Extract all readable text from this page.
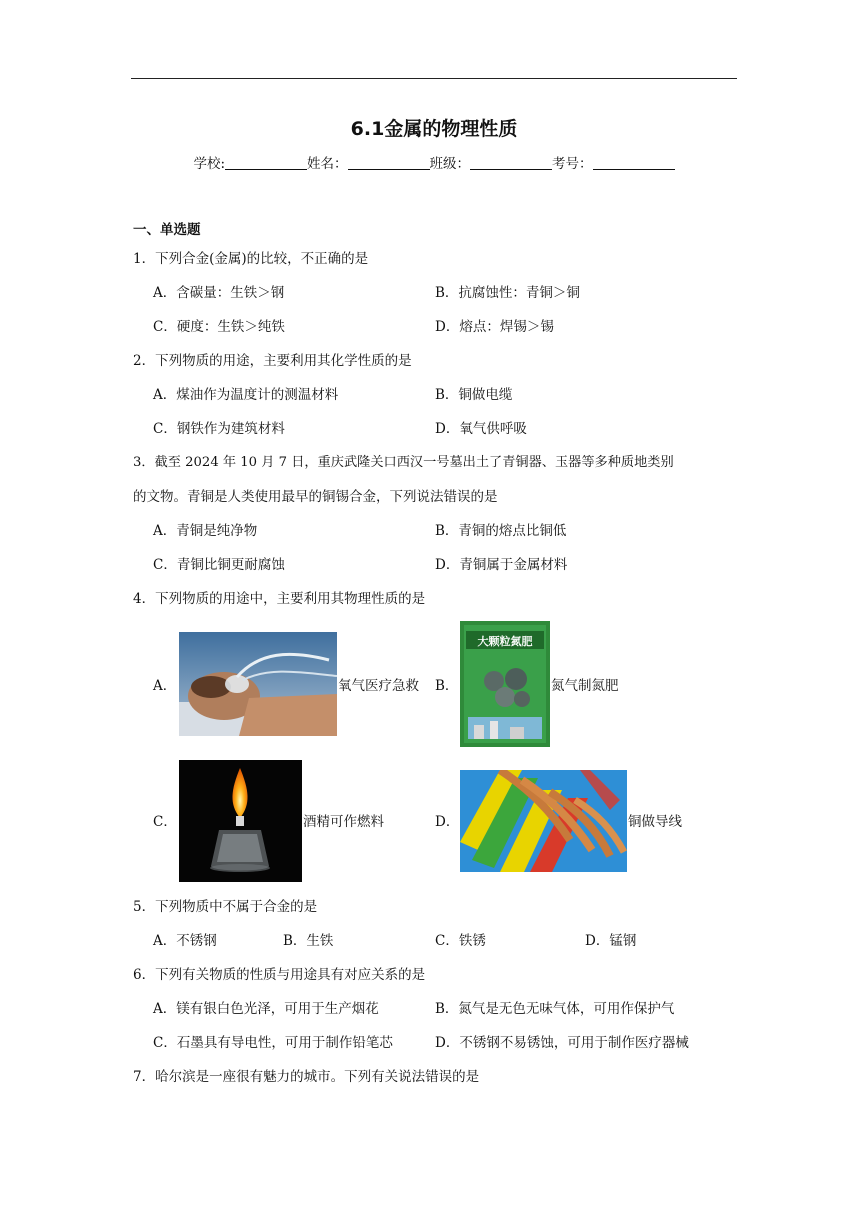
6.1金属的物理性质
学校:	姓名：	班级：	考号：
一、单选题
1．下列合金(金属)的比较，不正确的是
A．含碳量：生铁＞钢	B．抗腐蚀性：青铜＞铜
C．硬度：生铁＞纯铁	D．熔点：焊锡＞锡
2．下列物质的用途，主要利用其化学性质的是
A．煤油作为温度计的测温材料	B．铜做电缆
C．钢铁作为建筑材料	D．氧气供呼吸
3．截至 2024 年 10 月 7 日，重庆武隆关口西汉一号墓出土了青铜器、玉器等多种质地类别
的文物。青铜是人类使用最早的铜锡合金，下列说法错误的是
A．青铜是纯净物	B．青铜的熔点比铜低
C．青铜比铜更耐腐蚀	D．青铜属于金属材料
4．下列物质的用途中，主要利用其物理性质的是
A．	氧气医疗急救 B．
大颗粒氮肥
氮气制氮肥
C．	酒精可作燃料	D．	铜做导线
5．下列物质中不属于合金的是
A．不锈钢	B．生铁	C．铁锈	D．锰钢
6．下列有关物质的性质与用途具有对应关系的是
A．镁有银白色光泽，可用于生产烟花	B．氮气是无色无味气体，可用作保护气
C．石墨具有导电性，可用于制作铅笔芯	D．不锈钢不易锈蚀，可用于制作医疗器械
7．哈尔滨是一座很有魅力的城市。下列有关说法错误的是
